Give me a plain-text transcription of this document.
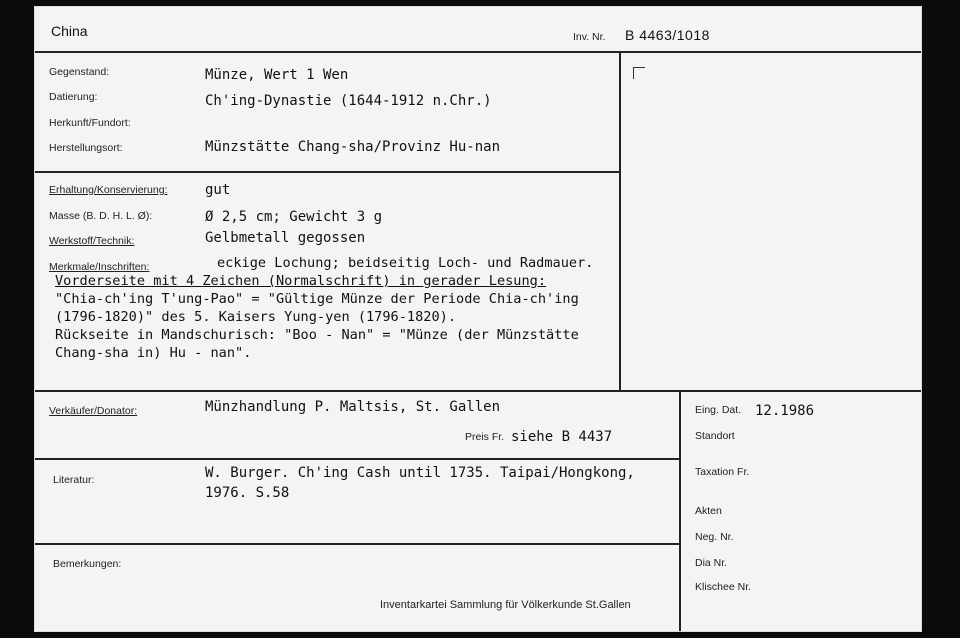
China	Inv. Nr. B 4463/1018
Gegenstand:	Münze, Wert 1 Wen
Datierung:	Ch'ing-Dynastie (1644-1912 n.Chr.)
Herkunft/Fundort:
Herstellungsort:	Münzstätte Chang-sha/Provinz Hu-nan
Erhaltung/Konservierung:	gut
Masse (B. D. H. L. Ø):	Ø 2,5 cm; Gewicht 3 g
Werkstoff/Technik:	Gelbmetall gegossen
Merkmale/Inschriften:	eckige Lochung; beidseitig Loch- und Radmauer.
Vorderseite mit 4 Zeichen (Normalschrift) in gerader Lesung:
"Chia-ch'ing T'ung-Pao" = "Gültige Münze der Periode Chia-ch'ing
(1796-1820)" des 5. Kaisers Yung-yen (1796-1820).
Rückseite in Mandschurisch: "Boo - Nan" = "Münze (der Münzstätte
Chang-sha in) Hu - nan".
Verkäufer/Donator:	Münzhandlung P. Maltsis, St. Gallen
Preis Fr. siehe B 4437
Literatur:	W. Burger. Ch'ing Cash until 1735. Taipai/Hongkong,
1976. S.58
Bemerkungen:
Inventarkartei Sammlung für Völkerkunde St.Gallen
Eing. Dat. 12.1986
Standort
Taxation Fr.
Akten
Neg. Nr.
Dia Nr.
Klischee Nr.
